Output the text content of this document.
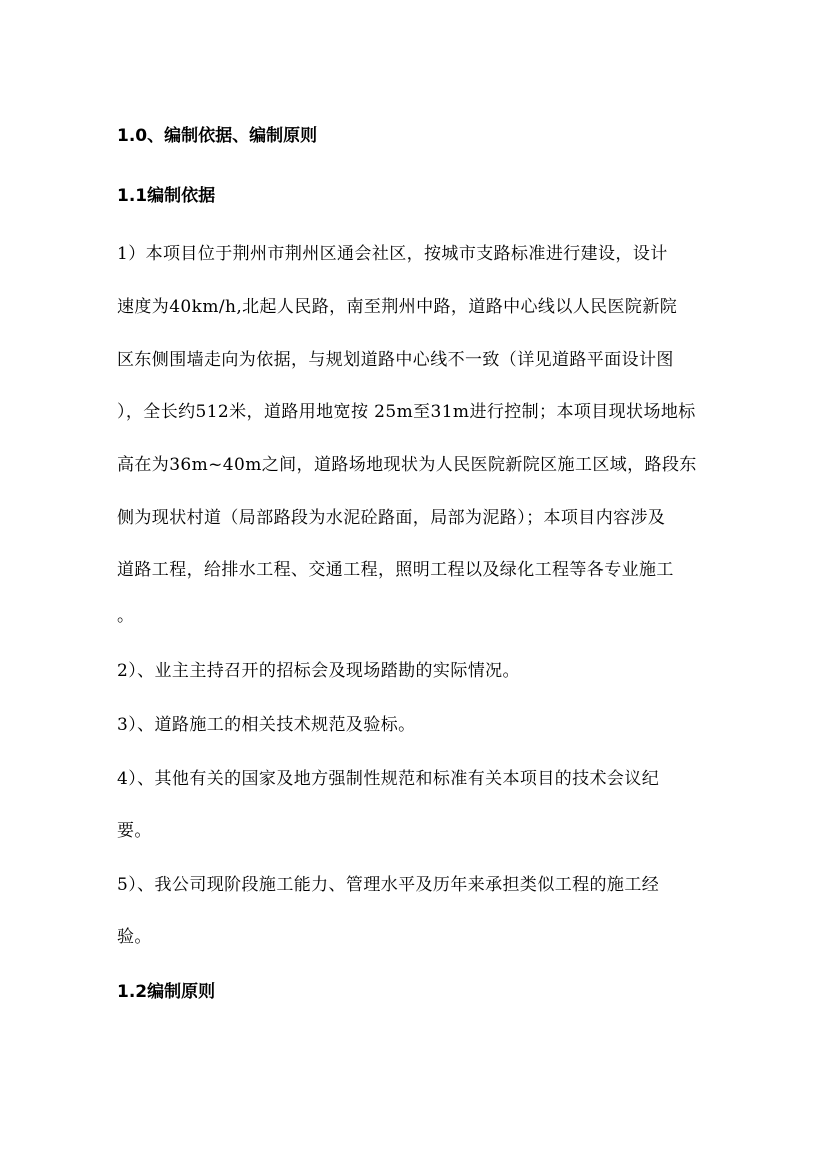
1.0、编制依据、编制原则
1.1编制依据
1）本项目位于荆州市荆州区通会社区，按城市支路标准进行建设，设计
速度为40km/h,北起人民路，南至荆州中路，道路中心线以人民医院新院
区东侧围墙走向为依据，与规划道路中心线不一致（详见道路平面设计图
），全长约512米，道路用地宽按 25m至31m进行控制；本项目现状场地标
高在为36m~40m之间，道路场地现状为人民医院新院区施工区域，路段东
侧为现状村道（局部路段为水泥砼路面，局部为泥路）；本项目内容涉及
道路工程，给排水工程、交通工程，照明工程以及绿化工程等各专业施工
。
2）、业主主持召开的招标会及现场踏勘的实际情况。
3）、道路施工的相关技术规范及验标。
4）、其他有关的国家及地方强制性规范和标准有关本项目的技术会议纪
要。
5）、我公司现阶段施工能力、管理水平及历年来承担类似工程的施工经
验。
1.2编制原则
